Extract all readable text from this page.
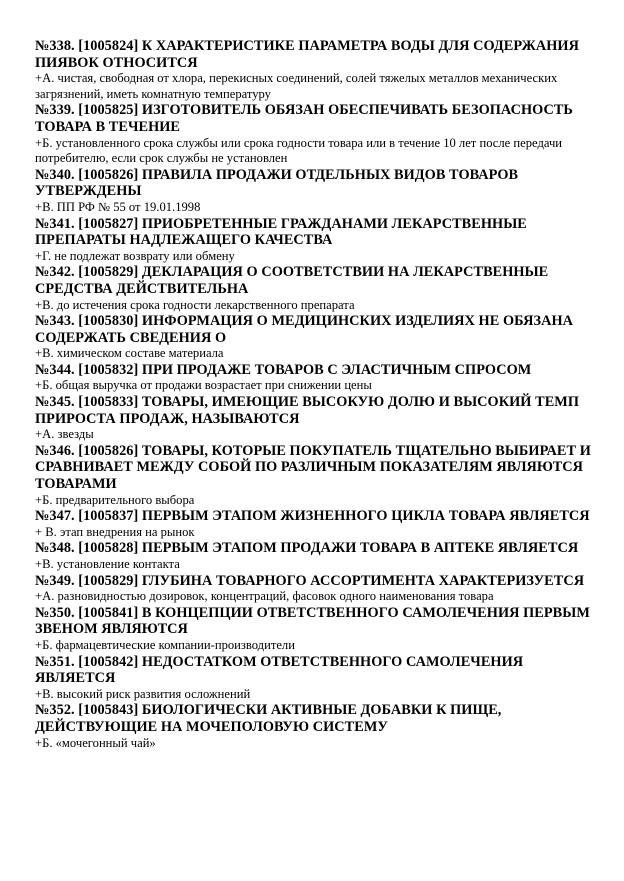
№338. [1005824] К ХАРАКТЕРИСТИКЕ ПАРАМЕТРА ВОДЫ ДЛЯ СОДЕРЖАНИЯ ПИЯВОК ОТНОСИТСЯ

+А. чистая, свободная от хлора, перекисных соединений, солей тяжелых металлов механических загрязнений, иметь комнатную температуру

№339. [1005825] ИЗГОТОВИТЕЛЬ ОБЯЗАН ОБЕСПЕЧИВАТЬ БЕЗОПАСНОСТЬ ТОВАРА В ТЕЧЕНИЕ

+Б. установленного срока службы или срока годности товара или в течение 10 лет после передачи потребителю, если срок службы не установлен

№340. [1005826] ПРАВИЛА ПРОДАЖИ ОТДЕЛЬНЫХ ВИДОВ ТОВАРОВ УТВЕРЖДЕНЫ

+В. ПП РФ № 55 от 19.01.1998

№341. [1005827] ПРИОБРЕТЕННЫЕ ГРАЖДАНАМИ ЛЕКАРСТВЕННЫЕ ПРЕПАРАТЫ НАДЛЕЖАЩЕГО КАЧЕСТВА

+Г. не подлежат возврату или обмену

№342. [1005829] ДЕКЛАРАЦИЯ О СООТВЕТСТВИИ НА ЛЕКАРСТВЕННЫЕ СРЕДСТВА ДЕЙСТВИТЕЛЬНА

+В. до истечения срока годности лекарственного препарата

№343. [1005830] ИНФОРМАЦИЯ О МЕДИЦИНСКИХ ИЗДЕЛИЯХ НЕ ОБЯЗАНА СОДЕРЖАТЬ СВЕДЕНИЯ О

+В. химическом составе материала

№344. [1005832] ПРИ ПРОДАЖЕ ТОВАРОВ С ЭЛАСТИЧНЫМ СПРОСОМ

+Б. общая выручка от продажи возрастает при снижении цены

№345. [1005833] ТОВАРЫ, ИМЕЮЩИЕ ВЫСОКУЮ ДОЛЮ И ВЫСОКИЙ ТЕМП ПРИРОСТА ПРОДАЖ, НАЗЫВАЮТСЯ

+А. звезды

№346. [1005826] ТОВАРЫ, КОТОРЫЕ ПОКУПАТЕЛЬ ТЩАТЕЛЬНО ВЫБИРАЕТ И СРАВНИВАЕТ МЕЖДУ СОБОЙ ПО РАЗЛИЧНЫМ ПОКАЗАТЕЛЯМ ЯВЛЯЮТСЯ ТОВАРАМИ

+Б. предварительного выбора

№347. [1005837] ПЕРВЫМ ЭТАПОМ ЖИЗНЕННОГО ЦИКЛА ТОВАРА ЯВЛЯЕТСЯ

+ В. этап внедрения на рынок

№348. [1005828] ПЕРВЫМ ЭТАПОМ ПРОДАЖИ ТОВАРА В АПТЕКЕ ЯВЛЯЕТСЯ

+В. установление контакта

№349. [1005829] ГЛУБИНА ТОВАРНОГО АССОРТИМЕНТА ХАРАКТЕРИЗУЕТСЯ

+А. разновидностью дозировок, концентраций, фасовок одного наименования товара

№350. [1005841] В КОНЦЕПЦИИ ОТВЕТСТВЕННОГО САМОЛЕЧЕНИЯ ПЕРВЫМ ЗВЕНОМ ЯВЛЯЮТСЯ

+Б. фармацевтические компании-производители

№351. [1005842] НЕДОСТАТКОМ ОТВЕТСТВЕННОГО САМОЛЕЧЕНИЯ ЯВЛЯЕТСЯ

+В. высокий риск развития осложнений

№352. [1005843] БИОЛОГИЧЕСКИ АКТИВНЫЕ ДОБАВКИ К ПИЩЕ, ДЕЙСТВУЮЩИЕ НА МОЧЕПОЛОВУЮ СИСТЕМУ

+Б. «мочегонный чай»
